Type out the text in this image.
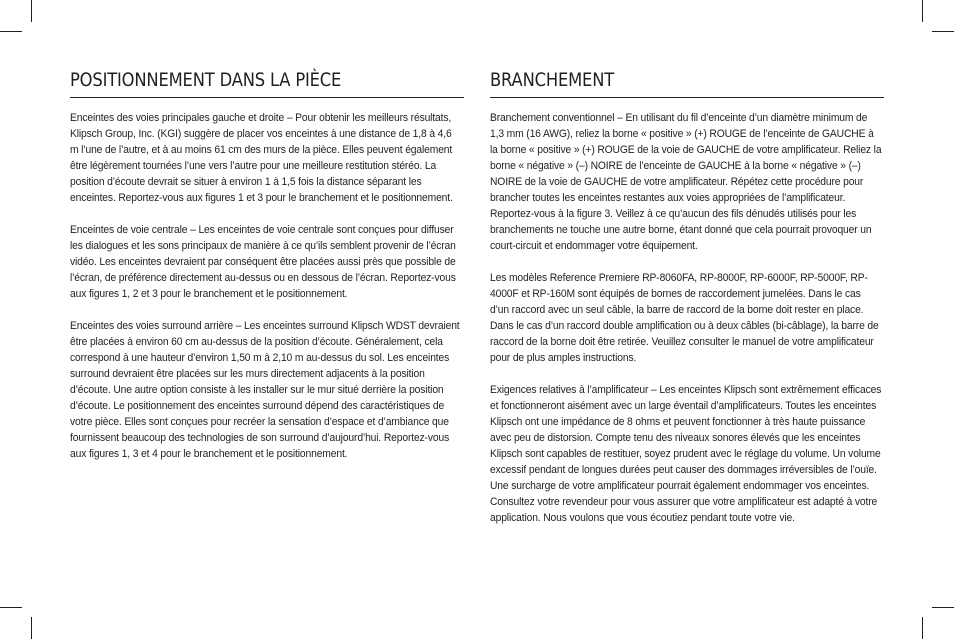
POSITIONNEMENT DANS LA PIÈCE

Enceintes des voies principales gauche et droite – Pour obtenir les meilleurs résultats, Klipsch Group, Inc. (KGI) suggère de placer vos enceintes à une distance de 1,8 à 4,6 m l’une de l’autre, et à au moins 61 cm des murs de la pièce. Elles peuvent également être légèrement tournées l’une vers l’autre pour une meilleure restitution stéréo. La position d’écoute devrait se situer à environ 1 à 1,5 fois la distance séparant les enceintes. Reportez-vous aux figures 1 et 3 pour le branchement et le positionnement.

Enceintes de voie centrale – Les enceintes de voie centrale sont conçues pour diffuser les dialogues et les sons principaux de manière à ce qu’ils semblent provenir de l’écran vidéo. Les enceintes devraient par conséquent être placées aussi près que possible de l’écran, de préférence directement au-dessus ou en dessous de l’écran. Reportez-vous aux figures 1, 2 et 3 pour le branchement et le positionnement.

Enceintes des voies surround arrière – Les enceintes surround Klipsch WDST devraient être placées à environ 60 cm au-dessus de la position d’écoute. Généralement, cela correspond à une hauteur d’environ 1,50 m à 2,10 m au-dessus du sol. Les enceintes surround devraient être placées sur les murs directement adjacents à la position d’écoute. Une autre option consiste à les installer sur le mur situé derrière la position d’écoute. Le positionnement des enceintes surround dépend des caractéristiques de votre pièce. Elles sont conçues pour recréer la sensation d’espace et d’ambiance que fournissent beaucoup des technologies de son surround d’aujourd’hui. Reportez-vous aux figures 1, 3 et 4 pour le branchement et le positionnement.

BRANCHEMENT

Branchement conventionnel – En utilisant du fil d’enceinte d’un diamètre minimum de 1,3 mm (16 AWG), reliez la borne « positive » (+) ROUGE de l’enceinte de GAUCHE à la borne « positive » (+) ROUGE de la voie de GAUCHE de votre amplificateur. Reliez la borne « négative » (–) NOIRE de l’enceinte de GAUCHE à la borne « négative » (–) NOIRE de la voie de GAUCHE de votre amplificateur. Répétez cette procédure pour brancher toutes les enceintes restantes aux voies appropriées de l’amplificateur. Reportez-vous à la figure 3. Veillez à ce qu’aucun des fils dénudés utilisés pour les branchements ne touche une autre borne, étant donné que cela pourrait provoquer un court-circuit et endommager votre équipement.

Les modèles Reference Premiere RP-8060FA, RP-8000F, RP-6000F, RP-5000F, RP-4000F et RP-160M sont équipés de bornes de raccordement jumelées. Dans le cas d’un raccord avec un seul câble, la barre de raccord de la borne doit rester en place. Dans le cas d’un raccord double amplification ou à deux câbles (bi-câblage), la barre de raccord de la borne doit être retirée. Veuillez consulter le manuel de votre amplificateur pour de plus amples instructions.

Exigences relatives à l’amplificateur – Les enceintes Klipsch sont extrêmement efficaces et fonctionneront aisément avec un large éventail d’amplificateurs. Toutes les enceintes Klipsch ont une impédance de 8 ohms et peuvent fonctionner à très haute puissance avec peu de distorsion. Compte tenu des niveaux sonores élevés que les enceintes Klipsch sont capables de restituer, soyez prudent avec le réglage du volume. Un volume excessif pendant de longues durées peut causer des dommages irréversibles de l’ouïe. Une surcharge de votre amplificateur pourrait également endommager vos enceintes. Consultez votre revendeur pour vous assurer que votre amplificateur est adapté à votre application. Nous voulons que vous écoutiez pendant toute votre vie.
